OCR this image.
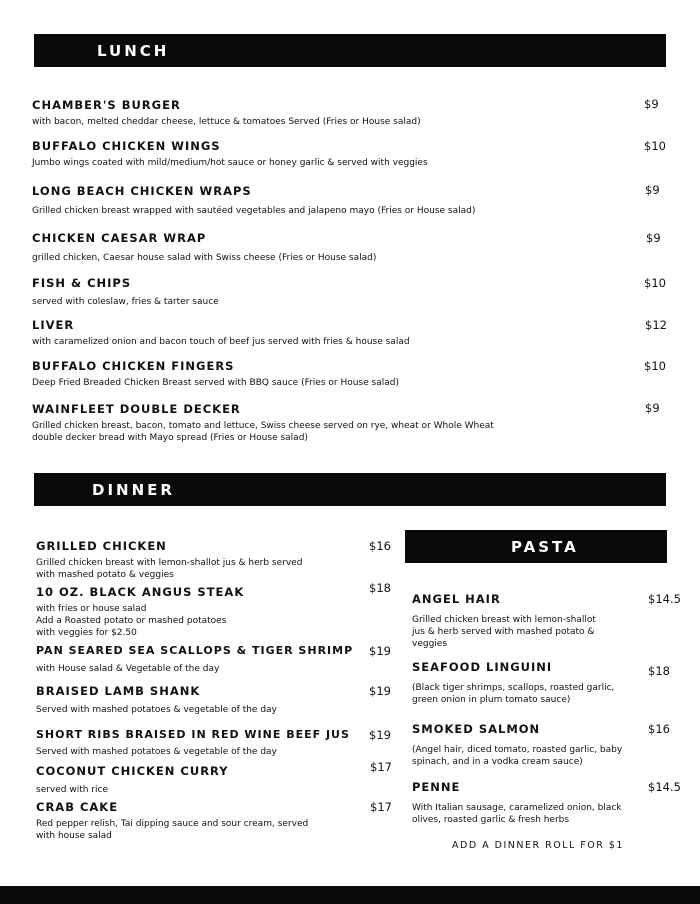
LUNCH
CHAMBER'S BURGER
with bacon, melted cheddar cheese, lettuce & tomatoes Served (Fries or House salad)
$9
BUFFALO CHICKEN WINGS
Jumbo wings coated with mild/medium/hot sauce or honey garlic & served with veggies
$10
LONG BEACH CHICKEN WRAPS
Grilled chicken breast wrapped with sautéed vegetables and jalapeno mayo (Fries or House salad)
$9
CHICKEN CAESAR WRAP
grilled chicken, Caesar house salad with Swiss cheese (Fries or House salad)
$9
FISH & CHIPS
served with coleslaw, fries & tarter sauce
$10
LIVER
with caramelized onion and bacon touch of beef jus served with fries & house salad
$12
BUFFALO CHICKEN FINGERS
Deep Fried Breaded Chicken Breast served with BBQ sauce (Fries or House salad)
$10
WAINFLEET DOUBLE DECKER
Grilled chicken breast, bacon, tomato and lettuce, Swiss cheese served on rye, wheat or Whole Wheat double decker bread with Mayo spread (Fries or House salad)
$9
DINNER
GRILLED CHICKEN
Grilled chicken breast with lemon-shallot jus & herb served with mashed potato & veggies
$16
10 OZ. BLACK ANGUS STEAK
with fries or house salad
Add a Roasted potato or mashed potatoes
with veggies for $2.50
$18
PAN SEARED SEA SCALLOPS & TIGER SHRIMP
with House salad & Vegetable of the day
$19
BRAISED LAMB SHANK
Served with mashed potatoes & vegetable of the day
$19
SHORT RIBS BRAISED IN RED WINE BEEF JUS
Served with mashed potatoes & vegetable of the day
$19
COCONUT CHICKEN CURRY
served with rice
$17
CRAB CAKE
Red pepper relish, Tai dipping sauce and sour cream, served with house salad
$17
PASTA
ANGEL HAIR
Grilled chicken breast with lemon-shallot jus & herb served with mashed potato & veggies
$14.5
SEAFOOD LINGUINI
(Black tiger shrimps, scallops, roasted garlic, green onion in plum tomato sauce)
$18
SMOKED SALMON
(Angel hair, diced tomato, roasted garlic, baby spinach, and in a vodka cream sauce)
$16
PENNE
With Italian sausage, caramelized onion, black olives, roasted garlic & fresh herbs
$14.5
ADD A DINNER ROLL FOR $1
